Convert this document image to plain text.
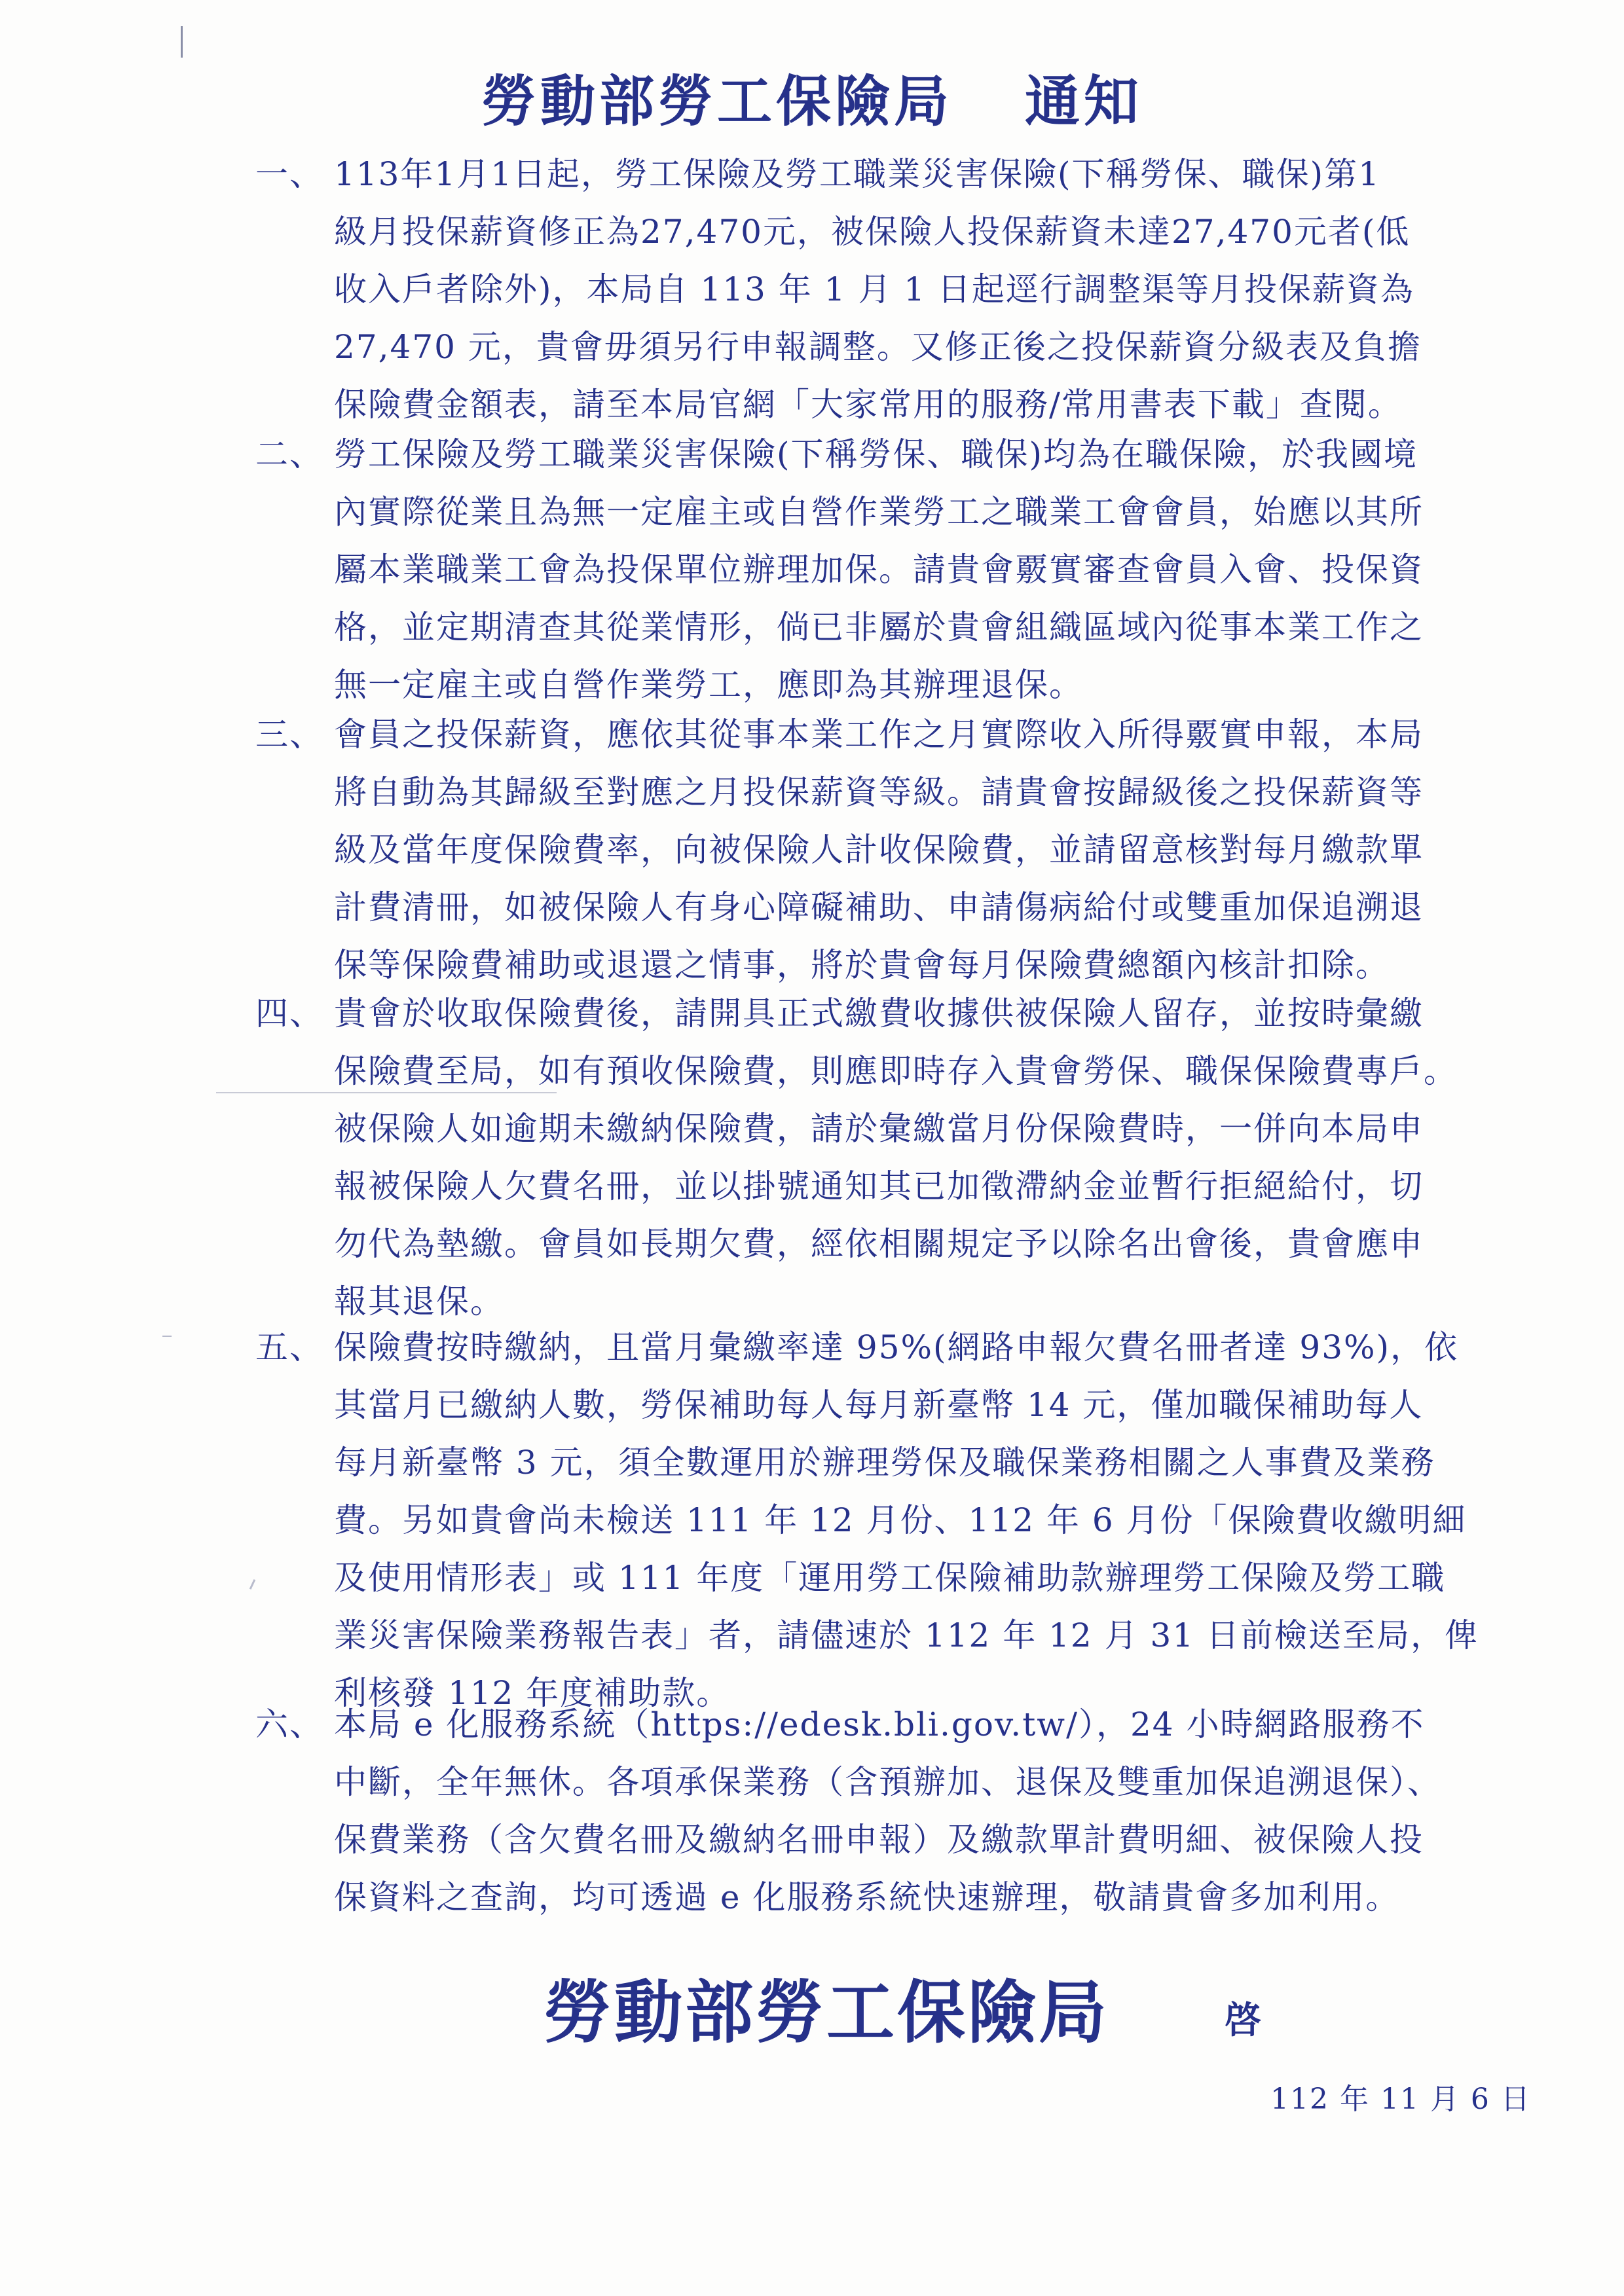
勞動部勞工保險局 通知

一、 113年1月1日起，勞工保險及勞工職業災害保險(下稱勞保、職保)第1

級月投保薪資修正為27,470元，被保險人投保薪資未達27,470元者(低

收入戶者除外)，本局自 113 年 1 月 1 日起逕行調整渠等月投保薪資為

27,470 元，貴會毋須另行申報調整。又修正後之投保薪資分級表及負擔

保險費金額表，請至本局官網「大家常用的服務/常用書表下載」查閱。

二、 勞工保險及勞工職業災害保險(下稱勞保、職保)均為在職保險，於我國境

內實際從業且為無一定雇主或自營作業勞工之職業工會會員，始應以其所

屬本業職業工會為投保單位辦理加保。請貴會覈實審查會員入會、投保資

格，並定期清查其從業情形，倘已非屬於貴會組織區域內從事本業工作之

無一定雇主或自營作業勞工，應即為其辦理退保。

三、 會員之投保薪資，應依其從事本業工作之月實際收入所得覈實申報，本局

將自動為其歸級至對應之月投保薪資等級。請貴會按歸級後之投保薪資等

級及當年度保險費率，向被保險人計收保險費，並請留意核對每月繳款單

計費清冊，如被保險人有身心障礙補助、申請傷病給付或雙重加保追溯退

保等保險費補助或退還之情事，將於貴會每月保險費總額內核計扣除。

四、 貴會於收取保險費後，請開具正式繳費收據供被保險人留存，並按時彙繳

保險費至局，如有預收保險費，則應即時存入貴會勞保、職保保險費專戶。

被保險人如逾期未繳納保險費，請於彙繳當月份保險費時，一併向本局申

報被保險人欠費名冊，並以掛號通知其已加徵滯納金並暫行拒絕給付，切

勿代為墊繳。會員如長期欠費，經依相關規定予以除名出會後，貴會應申

報其退保。

五、 保險費按時繳納，且當月彙繳率達 95%(網路申報欠費名冊者達 93%)，依

其當月已繳納人數，勞保補助每人每月新臺幣 14 元，僅加職保補助每人

每月新臺幣 3 元，須全數運用於辦理勞保及職保業務相關之人事費及業務

費。另如貴會尚未檢送 111 年 12 月份、112 年 6 月份「保險費收繳明細

及使用情形表」或 111 年度「運用勞工保險補助款辦理勞工保險及勞工職

業災害保險業務報告表」者，請儘速於 112 年 12 月 31 日前檢送至局，俾

利核發 112 年度補助款。

六、 本局 e 化服務系統（https://edesk.bli.gov.tw/），24 小時網路服務不

中斷，全年無休。各項承保業務（含預辦加、退保及雙重加保追溯退保）、

保費業務（含欠費名冊及繳納名冊申報）及繳款單計費明細、被保險人投

保資料之查詢，均可透過 e 化服務系統快速辦理，敬請貴會多加利用。

勞動部勞工保險局	啓
112 年 11 月 6 日
